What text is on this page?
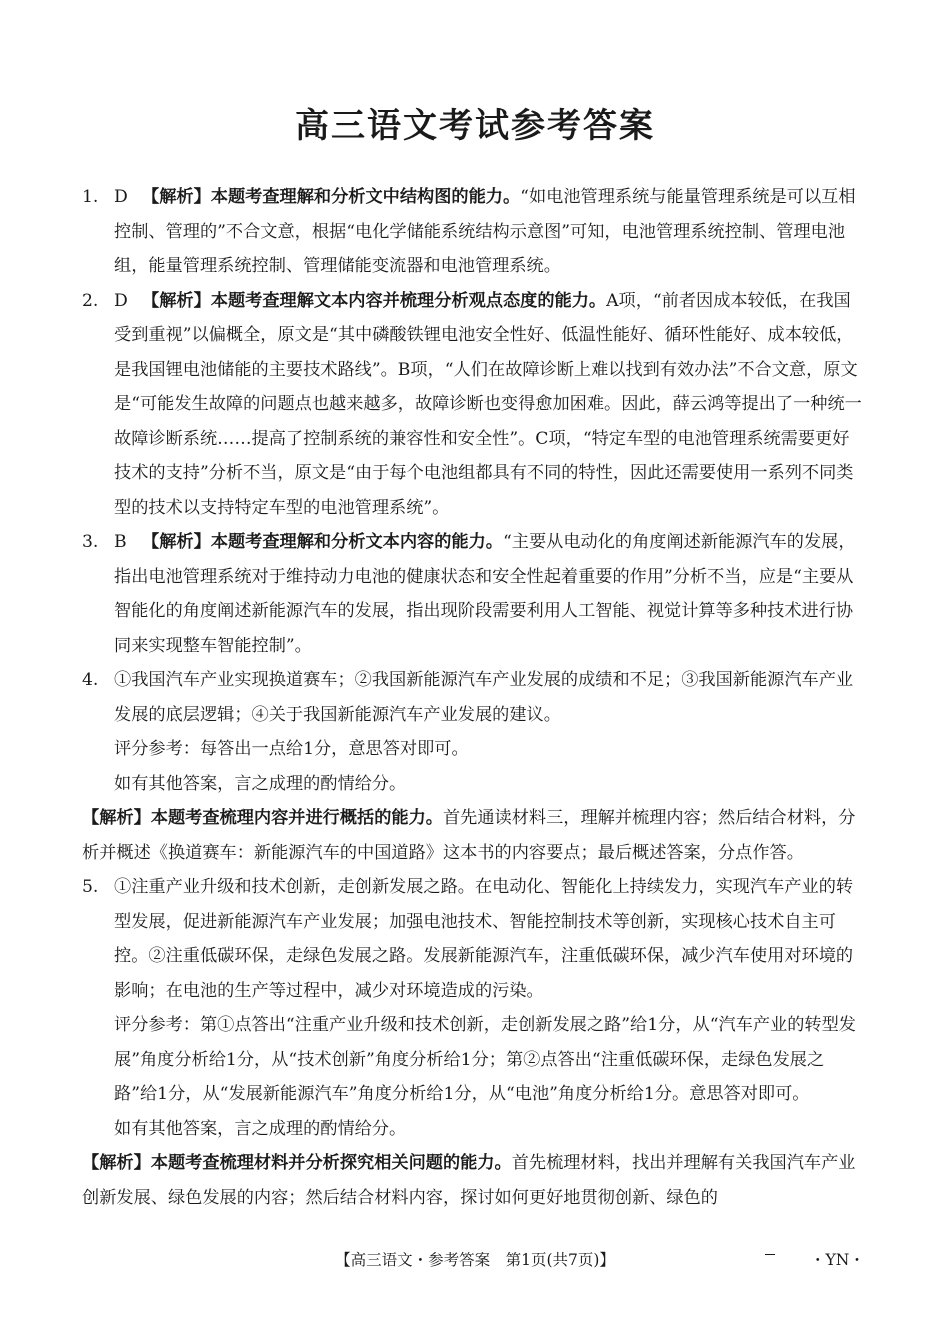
高三语文考试参考答案
1. D 【解析】本题考查理解和分析文中结构图的能力。“如电池管理系统与能量管理系统是可以互相控制、管理的”不合文意，根据“电化学储能系统结构示意图”可知，电池管理系统控制、管理电池组，能量管理系统控制、管理储能变流器和电池管理系统。
2. D 【解析】本题考查理解文本内容并梳理分析观点态度的能力。A项，“前者因成本较低，在我国受到重视”以偏概全，原文是“其中磷酸铁锂电池安全性好、低温性能好、循环性能好、成本较低，是我国锂电池储能的主要技术路线”。B项，“人们在故障诊断上难以找到有效办法”不合文意，原文是“可能发生故障的问题点也越来越多，故障诊断也变得愈加困难。因此，薛云鸿等提出了一种统一故障诊断系统……提高了控制系统的兼容性和安全性”。C项，“特定车型的电池管理系统需要更好技术的支持”分析不当，原文是“由于每个电池组都具有不同的特性，因此还需要使用一系列不同类型的技术以支持特定车型的电池管理系统”。
3. B 【解析】本题考查理解和分析文本内容的能力。“主要从电动化的角度阐述新能源汽车的发展，指出电池管理系统对于维持动力电池的健康状态和安全性起着重要的作用”分析不当，应是“主要从智能化的角度阐述新能源汽车的发展，指出现阶段需要利用人工智能、视觉计算等多种技术进行协同来实现整车智能控制”。
4. ①我国汽车产业实现换道赛车；②我国新能源汽车产业发展的成绩和不足；③我国新能源汽车产业发展的底层逻辑；④关于我国新能源汽车产业发展的建议。
评分参考：每答出一点给1分，意思答对即可。
如有其他答案，言之成理的酌情给分。
【解析】本题考查梳理内容并进行概括的能力。首先通读材料三，理解并梳理内容；然后结合材料，分析并概述《换道赛车：新能源汽车的中国道路》这本书的内容要点；最后概述答案，分点作答。
5. ①注重产业升级和技术创新，走创新发展之路。在电动化、智能化上持续发力，实现汽车产业的转型发展，促进新能源汽车产业发展；加强电池技术、智能控制技术等创新，实现核心技术自主可控。②注重低碳环保，走绿色发展之路。发展新能源汽车，注重低碳环保，减少汽车使用对环境的影响；在电池的生产等过程中，减少对环境造成的污染。
评分参考：第①点答出“注重产业升级和技术创新，走创新发展之路”给1分，从“汽车产业的转型发展”角度分析给1分，从“技术创新”角度分析给1分；第②点答出“注重低碳环保，走绿色发展之路”给1分，从“发展新能源汽车”角度分析给1分，从“电池”角度分析给1分。意思答对即可。
如有其他答案，言之成理的酌情给分。
【解析】本题考查梳理材料并分析探究相关问题的能力。首先梳理材料，找出并理解有关我国汽车产业创新发展、绿色发展的内容；然后结合材料内容，探讨如何更好地贯彻创新、绿色的
【高三语文・参考答案　第1页(共7页)】	・YN・
